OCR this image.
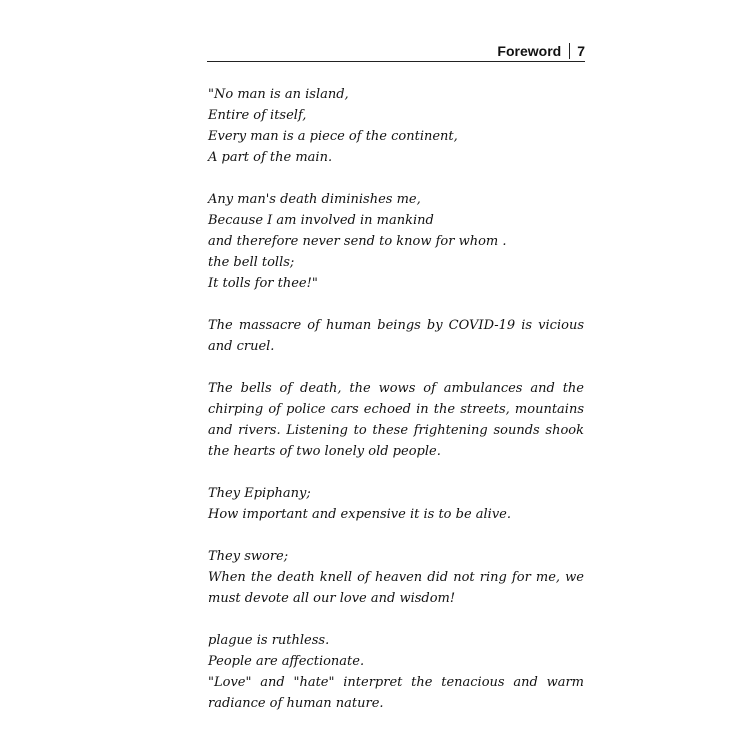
Foreword 7
"No man is an island,
Entire of itself,
Every man is a piece of the continent,
A part of the main.
Any man's death diminishes me,
Because I am involved in mankind
and therefore never send to know for whom .
the bell tolls;
It tolls for thee!"

The massacre of human beings by COVID-19 is vicious and cruel.

The bells of death, the wows of ambulances and the chirping of police cars echoed in the streets, mountains and rivers. Listening to these frightening sounds shook the hearts of two lonely old people.

They Epiphany;
How important and expensive it is to be alive.
They swore;
When the death knell of heaven did not ring for me, we must devote all our love and wisdom!
plague is ruthless.
People are affectionate.
"Love" and "hate" interpret the tenacious and warm radiance of human nature.
